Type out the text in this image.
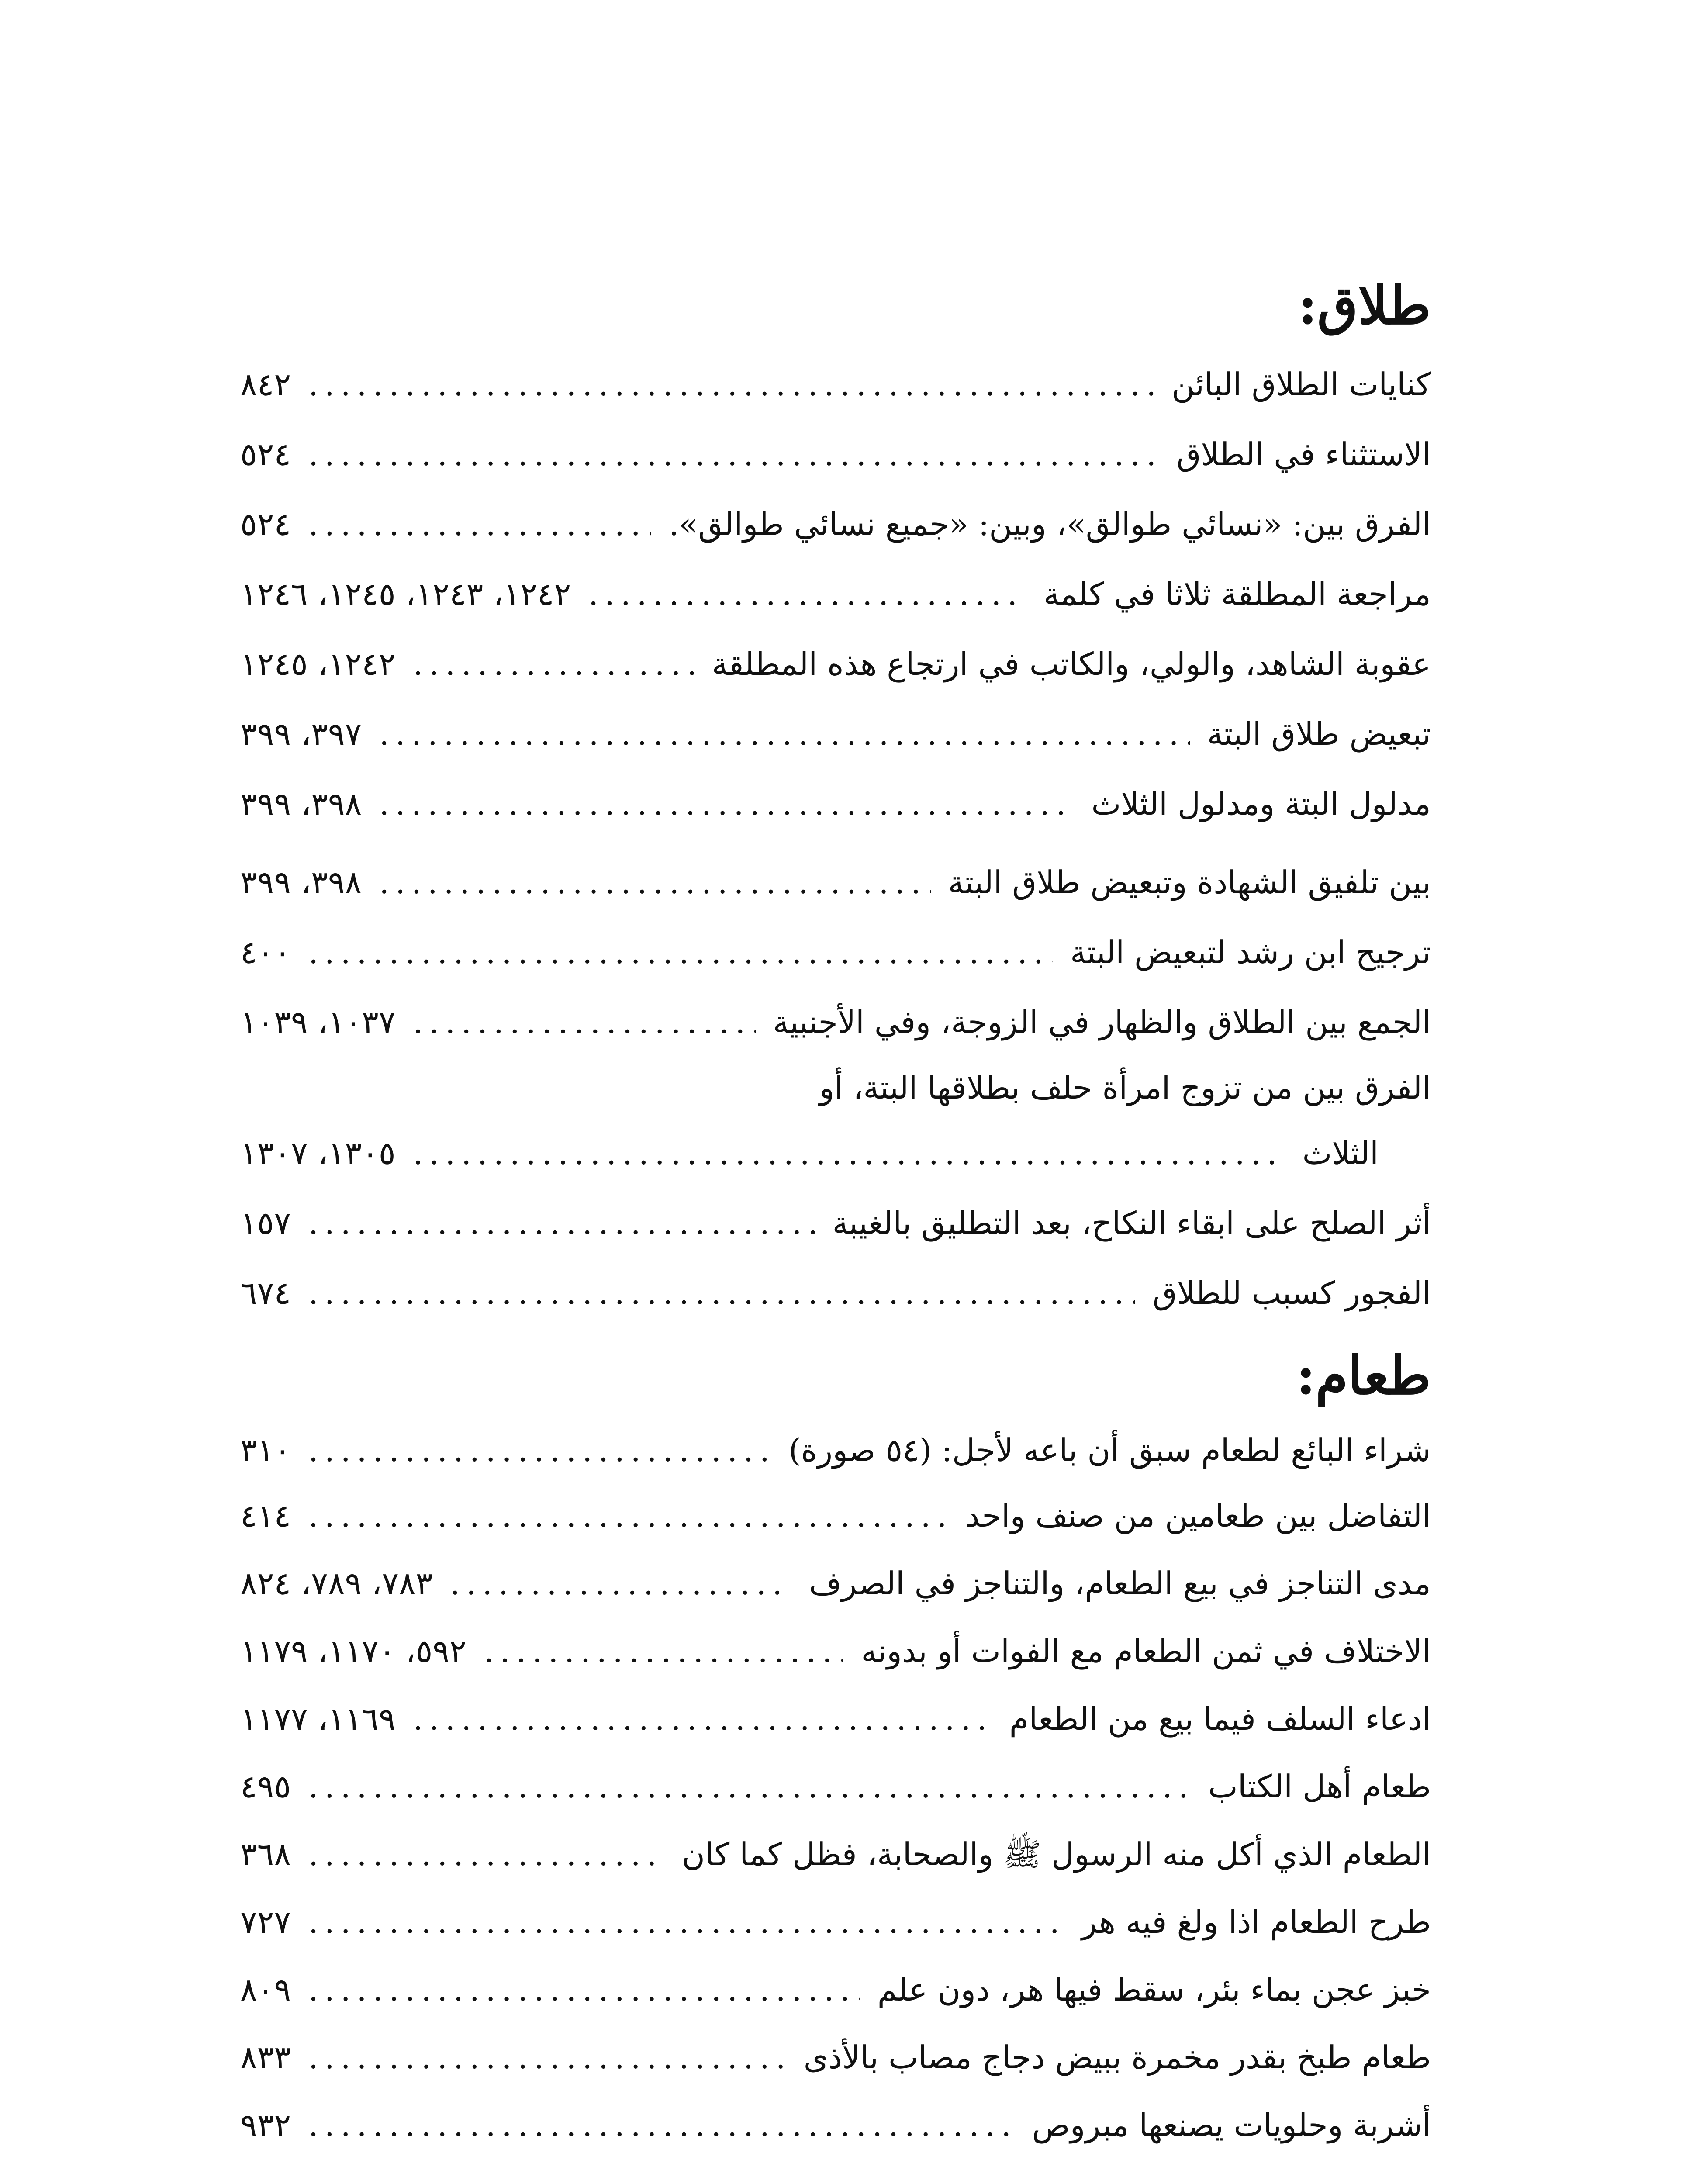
طلاق:
كنايات الطلاق البائن
.....
٨٤٢
الاستثناء في الطلاق
.....
٥٢٤
الفرق بين: «نسائي طوالق»، وبين: «جميع نسائي طوالق».
.....
٥٢٤
مراجعة المطلقة ثلاثا في كلمة
.....
١٢٤٢، ١٢٤٣، ١٢٤٥، ١٢٤٦
عقوبة الشاهد، والولي، والكاتب في ارتجاع هذه المطلقة
.....
١٢٤٢، ١٢٤٥
تبعيض طلاق البتة
.....
٣٩٧، ٣٩٩
مدلول البتة ومدلول الثلاث
.....
٣٩٨، ٣٩٩
بين تلفيق الشهادة وتبعيض طلاق البتة
.....
٣٩٨، ٣٩٩
ترجيح ابن رشد لتبعيض البتة
.....
٤٠٠
الجمع بين الطلاق والظهار في الزوجة، وفي الأجنبية
.....
١٠٣٧، ١٠٣٩
الفرق بين من تزوج امرأة حلف بطلاقها البتة، أو
الثلاث
.....
١٣٠٥، ١٣٠٧
أثر الصلح على ابقاء النكاح، بعد التطليق بالغيبة
.....
١٥٧
الفجور كسبب للطلاق
.....
٦٧٤
طعام:
شراء البائع لطعام سبق أن باعه لأجل: (٥٤ صورة)
.....
٣١٠
التفاضل بين طعامين من صنف واحد
.....
٤١٤
مدى التناجز في بيع الطعام، والتناجز في الصرف
.....
٧٨٣، ٧٨٩، ٨٢٤
الاختلاف في ثمن الطعام مع الفوات أو بدونه
.....
٥٩٢، ١١٧٠، ١١٧٩
ادعاء السلف فيما بيع من الطعام
.....
١١٦٩، ١١٧٧
طعام أهل الكتاب
.....
٤٩٥
الطعام الذي أكل منه الرسول ﷺ والصحابة، فظل كما كان
.....
٣٦٨
طرح الطعام اذا ولغ فيه هر
.....
٧٢٧
خبز عجن بماء بئر، سقط فيها هر، دون علم
.....
٨٠٩
طعام طبخ بقدر مخمرة ببيض دجاج مصاب بالأذى
.....
٨٣٣
أشربة وحلويات يصنعها مبروص
.....
٩٣٢
